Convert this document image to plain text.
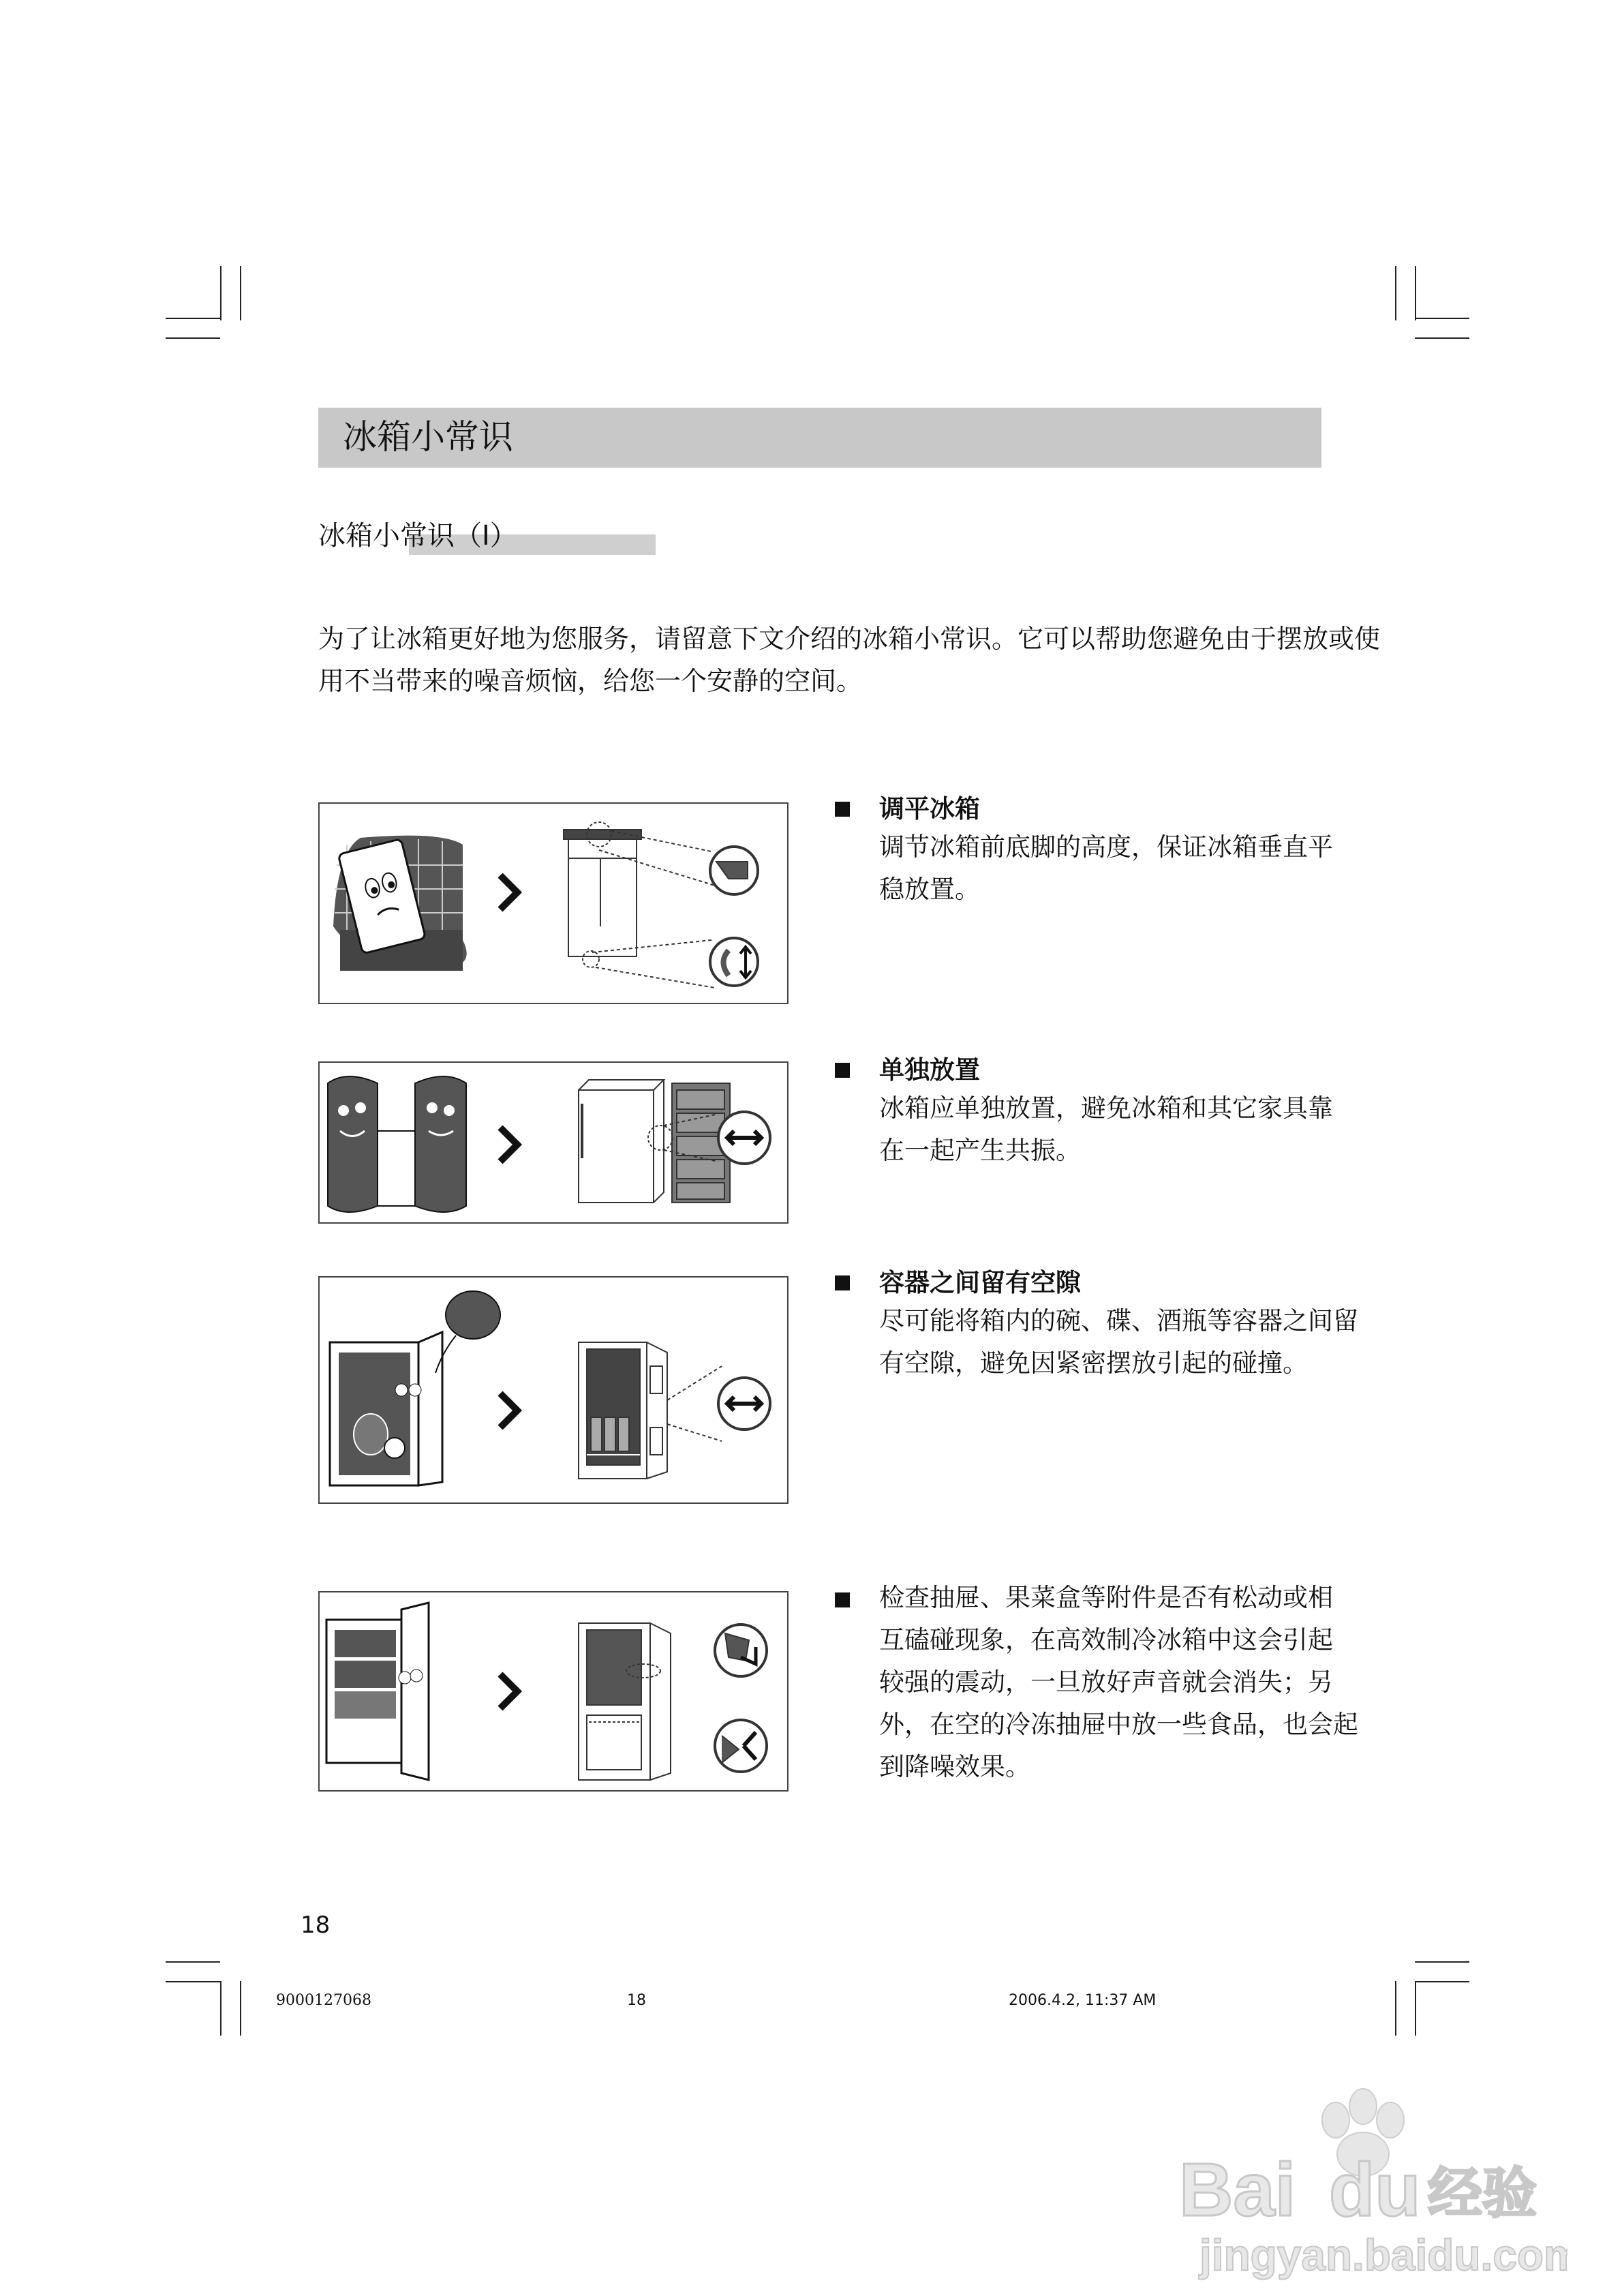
冰箱小常识
冰箱小常识（I）

为了让冰箱更好地为您服务，请留意下文介绍的冰箱小常识。它可以帮助您避免由于摆放或使

用不当带来的噪音烦恼，给您一个安静的空间。

调平冰箱

调节冰箱前底脚的高度，保证冰箱垂直平

稳放置。

单独放置

冰箱应单独放置，避免冰箱和其它家具靠

在一起产生共振。

容器之间留有空隙

尽可能将箱内的碗、碟、酒瓶等容器之间留

有空隙，避免因紧密摆放引起的碰撞。

检查抽屉、果菜盒等附件是否有松动或相

互磕碰现象，在高效制冷冰箱中这会引起

较强的震动，一旦放好声音就会消失；另

外，在空的冷冻抽屉中放一些食品，也会起

到降噪效果。

18
9000127068	18	2006.4.2, 11:37 AM
Bai du 经验
jingyan.baidu.com
